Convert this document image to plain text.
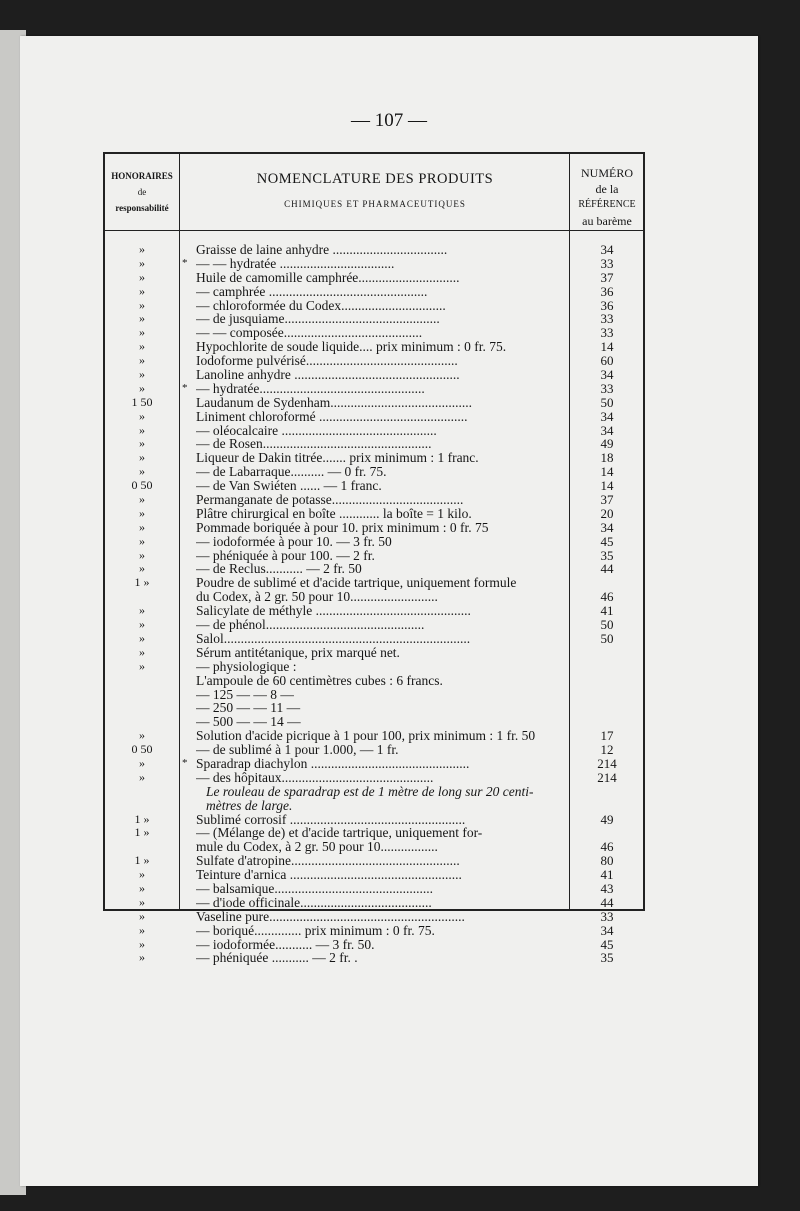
— 107 —
HONORAIRES
de
responsabilité
NOMENCLATURE DES PRODUITS
CHIMIQUES ET PHARMACEUTIQUES
NUMÉRO
de la
RÉFÉRENCE
au barème
»	Graisse de laine anhydre ..................................	34
»	* — — hydratée ..................................	33
»	Huile de camomille camphrée..............................	37
»	— camphrée ...............................................	36
»	— chloroformée du Codex...............................	36
»	— de jusquiame..............................................	33
»	— — composée.........................................	33
»	Hypochlorite de soude liquide.... prix minimum : 0 fr. 75.	14
»	Iodoforme pulvérisé.............................................	60
»	Lanoline anhydre .................................................	34
»	* — hydratée.................................................	33
1 50	Laudanum de Sydenham..........................................	50
»	Liniment chloroformé ............................................	34
»	— oléocalcaire ..............................................	34
»	— de Rosen..................................................	49
»	Liqueur de Dakin titrée....... prix minimum : 1 franc.	18
»	— de Labarraque.......... — 0 fr. 75.	14
0 50	— de Van Swiéten ...... — 1 franc.	14
»	Permanganate de potasse.......................................	37
»	Plâtre chirurgical en boîte ............ la boîte = 1 kilo.	20
»	Pommade boriquée à pour 10. prix minimum : 0 fr. 75	34
»	— iodoformée à pour 10. — 3 fr. 50	45
»	— phéniquée à pour 100. — 2 fr.	35
»	— de Reclus........... — 2 fr. 50	44
1 »	Poudre de sublimé et d'acide tartrique, uniquement formule
du Codex, à 2 gr. 50 pour 10..........................	46
»	Salicylate de méthyle ..............................................	41
»	— de phénol...............................................	50
»	Salol.........................................................................	50
»	Sérum antitétanique, prix marqué net.
»	— physiologique :
L'ampoule de 60 centimètres cubes : 6 francs.
— 125 — — 8 —
— 250 — — 11 —
— 500 — — 14 —
»	Solution d'acide picrique à 1 pour 100, prix minimum : 1 fr. 50	17
0 50	— de sublimé à 1 pour 1.000, — 1 fr.	12
»	* Sparadrap diachylon ...............................................	214
»	— des hôpitaux.............................................	214
Le rouleau de sparadrap est de 1 mètre de long sur 20 centi-
mètres de large.
1 »	Sublimé corrosif ....................................................	49
1 »	— (Mélange de) et d'acide tartrique, uniquement for-
mule du Codex, à 2 gr. 50 pour 10.................	46
1 »	Sulfate d'atropine..................................................	80
»	Teinture d'arnica ...................................................	41
»	— balsamique...............................................	43
»	— d'iode officinale.......................................	44
»	Vaseline pure..........................................................	33
»	— boriqué.............. prix minimum : 0 fr. 75.	34
»	— iodoformée........... — 3 fr. 50.	45
»	— phéniquée ........... — 2 fr. .	35
